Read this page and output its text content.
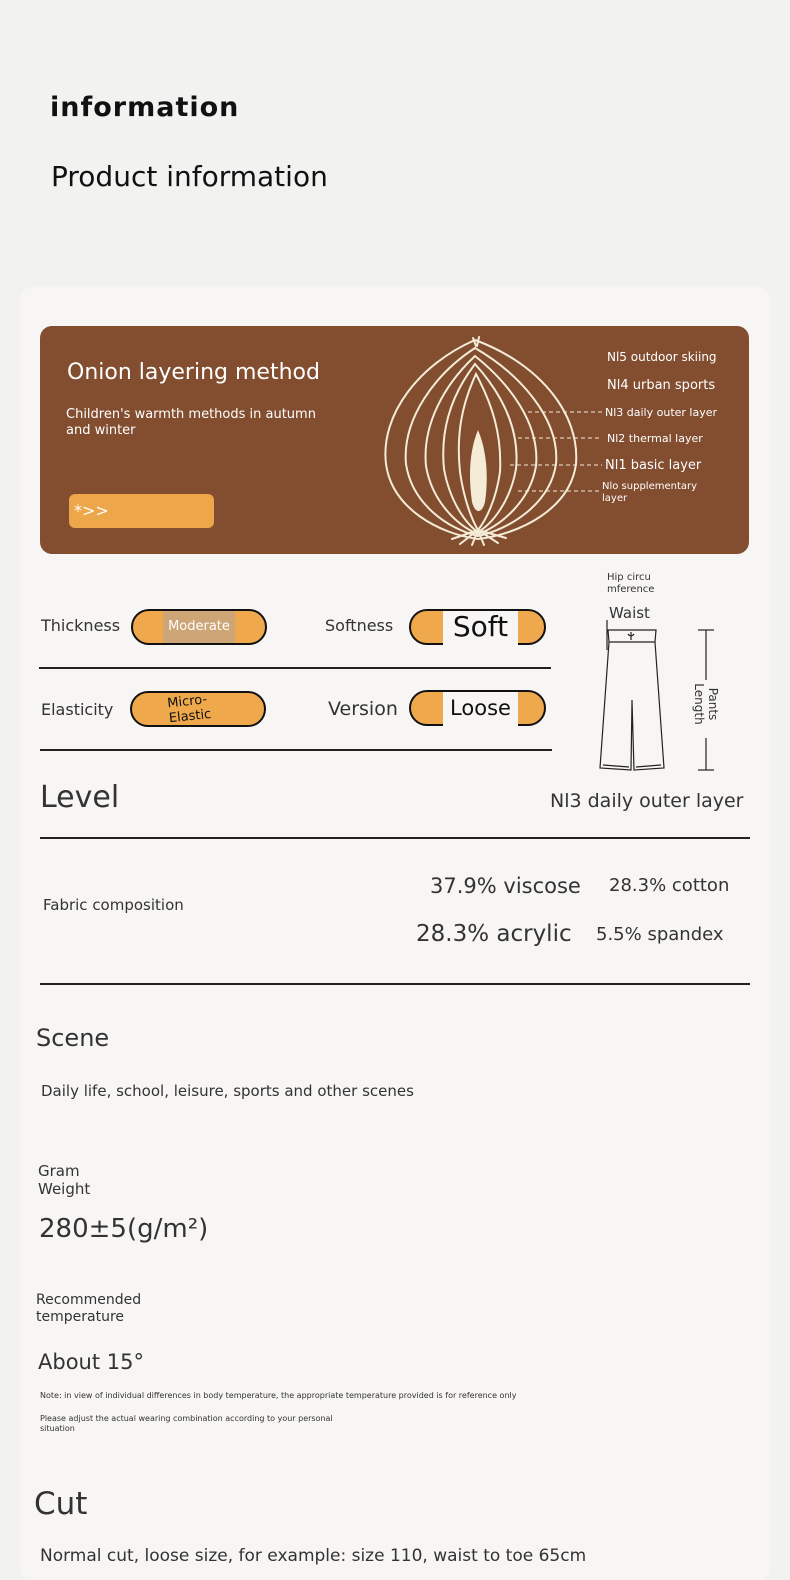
information
Product information
Onion layering method
Children's warmth methods in autumn and winter
*>>
Nl5 outdoor skiing
Nl4 urban sports
Nl3 daily outer layer
Nl2 thermal layer
Nl1 basic layer
Nlo supplementary layer
Thickness	Moderate	Softness	Soft
Elasticity	Micro-Elastic	Version	Loose
Hip circu mference
Waist
Pants Length
Level	Nl3 daily outer layer
Fabric composition
37.9% viscose 28.3% cotton
28.3% acrylic 5.5% spandex
Scene
Daily life, school, leisure, sports and other scenes
Gram Weight
280±5(g/m²)
Recommended temperature
About 15°
Note: in view of individual differences in body temperature, the appropriate temperature provided is for reference only
Please adjust the actual wearing combination according to your personal situation
Cut
Normal cut, loose size, for example: size 110, waist to toe 65cm
